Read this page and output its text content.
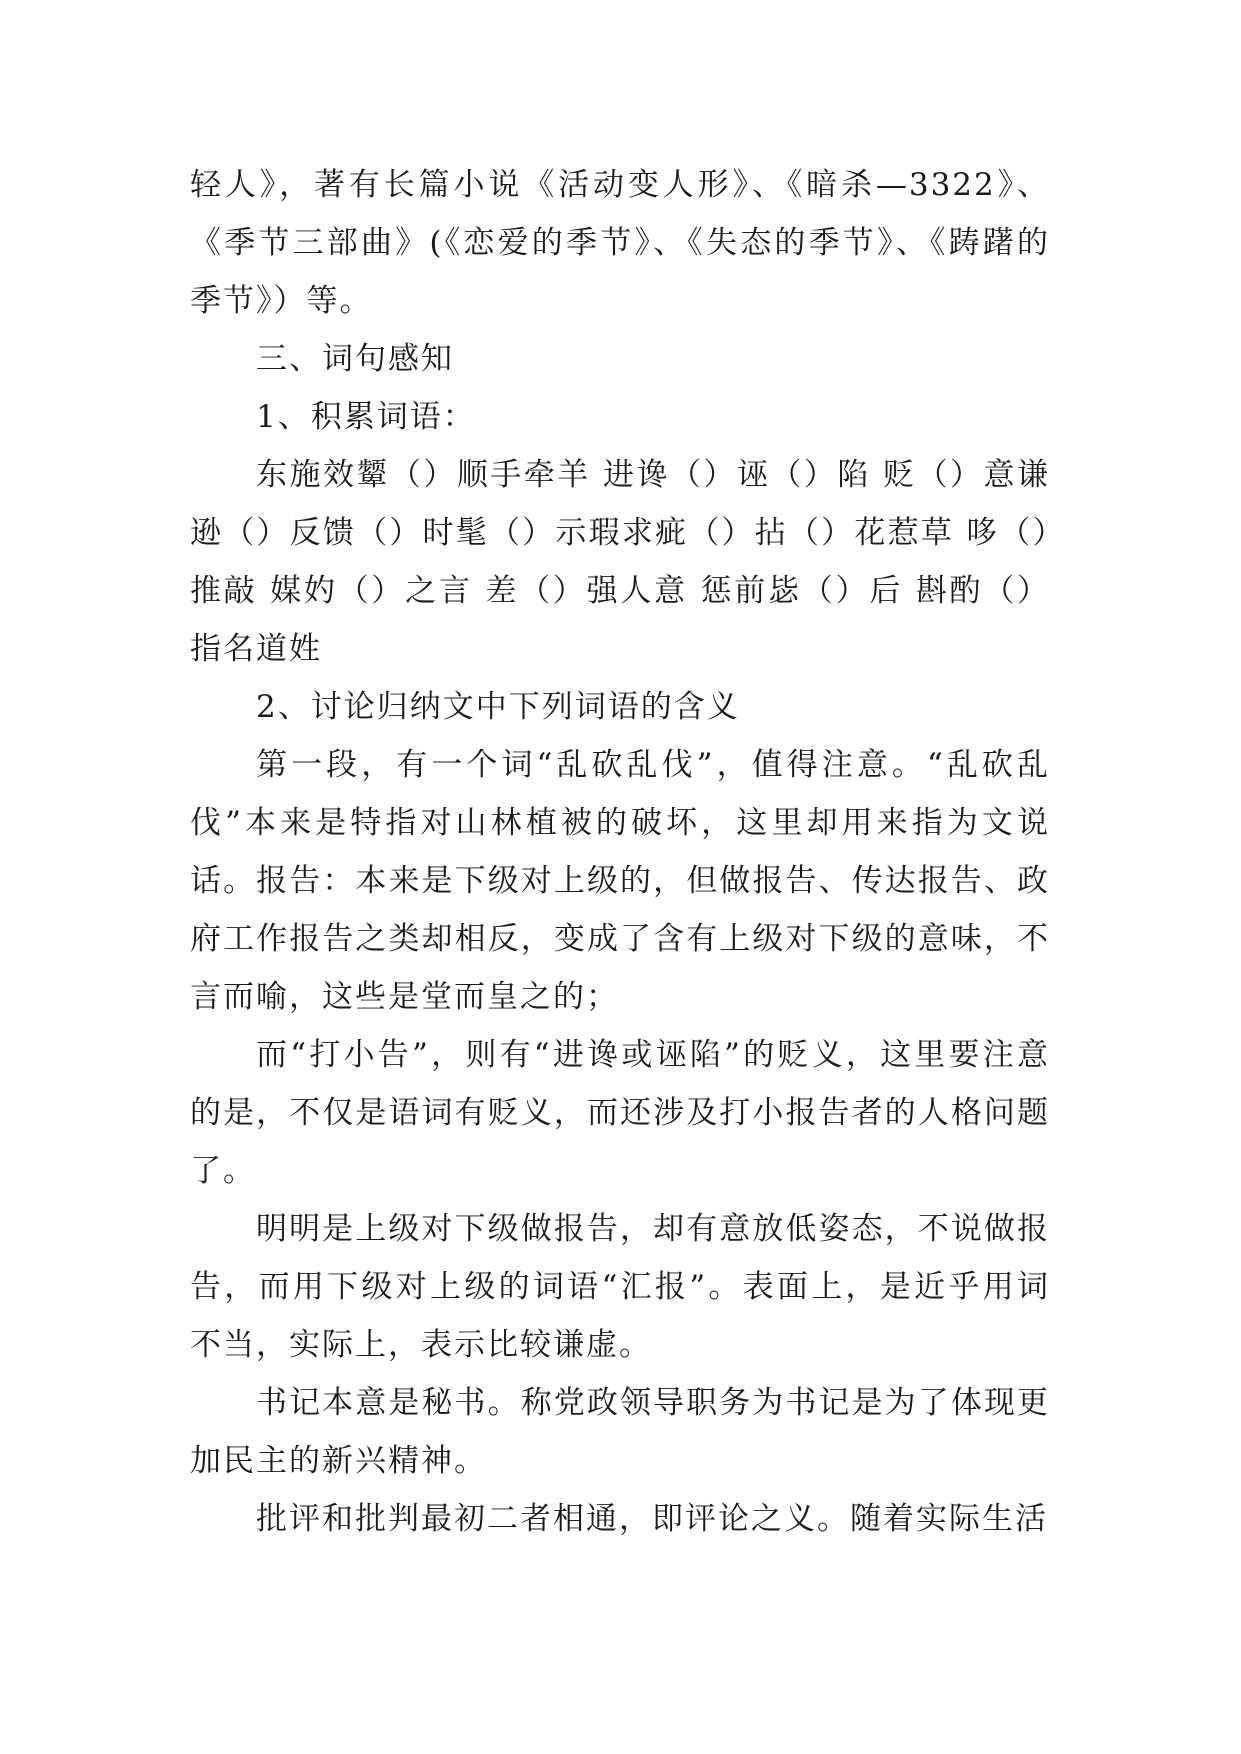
轻人》，著有长篇小说《活动变人形》、《暗杀—3322》、《季节三部曲》(《恋爱的季节》、《失态的季节》、《踌躇的季节》）等。

三、词句感知

1、积累词语：

东施效颦（）顺手牵羊 进谗（）诬（）陷 贬（）意谦逊（）反馈（）时髦（）示瑕求疵（）拈（）花惹草 哆（）推敲 媒妁（）之言 差（）强人意 惩前毖（）后 斟酌（）指名道姓

2、讨论归纳文中下列词语的含义

第一段，有一个词“乱砍乱伐”，值得注意。“乱砍乱伐”本来是特指对山林植被的破坏，这里却用来指为文说话。报告：本来是下级对上级的，但做报告、传达报告、政府工作报告之类却相反，变成了含有上级对下级的意味，不言而喻，这些是堂而皇之的；

而“打小告”，则有“进谗或诬陷”的贬义，这里要注意的是，不仅是语词有贬义，而还涉及打小报告者的人格问题了。

明明是上级对下级做报告，却有意放低姿态，不说做报告，而用下级对上级的词语“汇报”。表面上，是近乎用词不当，实际上，表示比较谦虚。

书记本意是秘书。称党政领导职务为书记是为了体现更加民主的新兴精神。

批评和批判最初二者相通，即评论之义。随着实际生活
